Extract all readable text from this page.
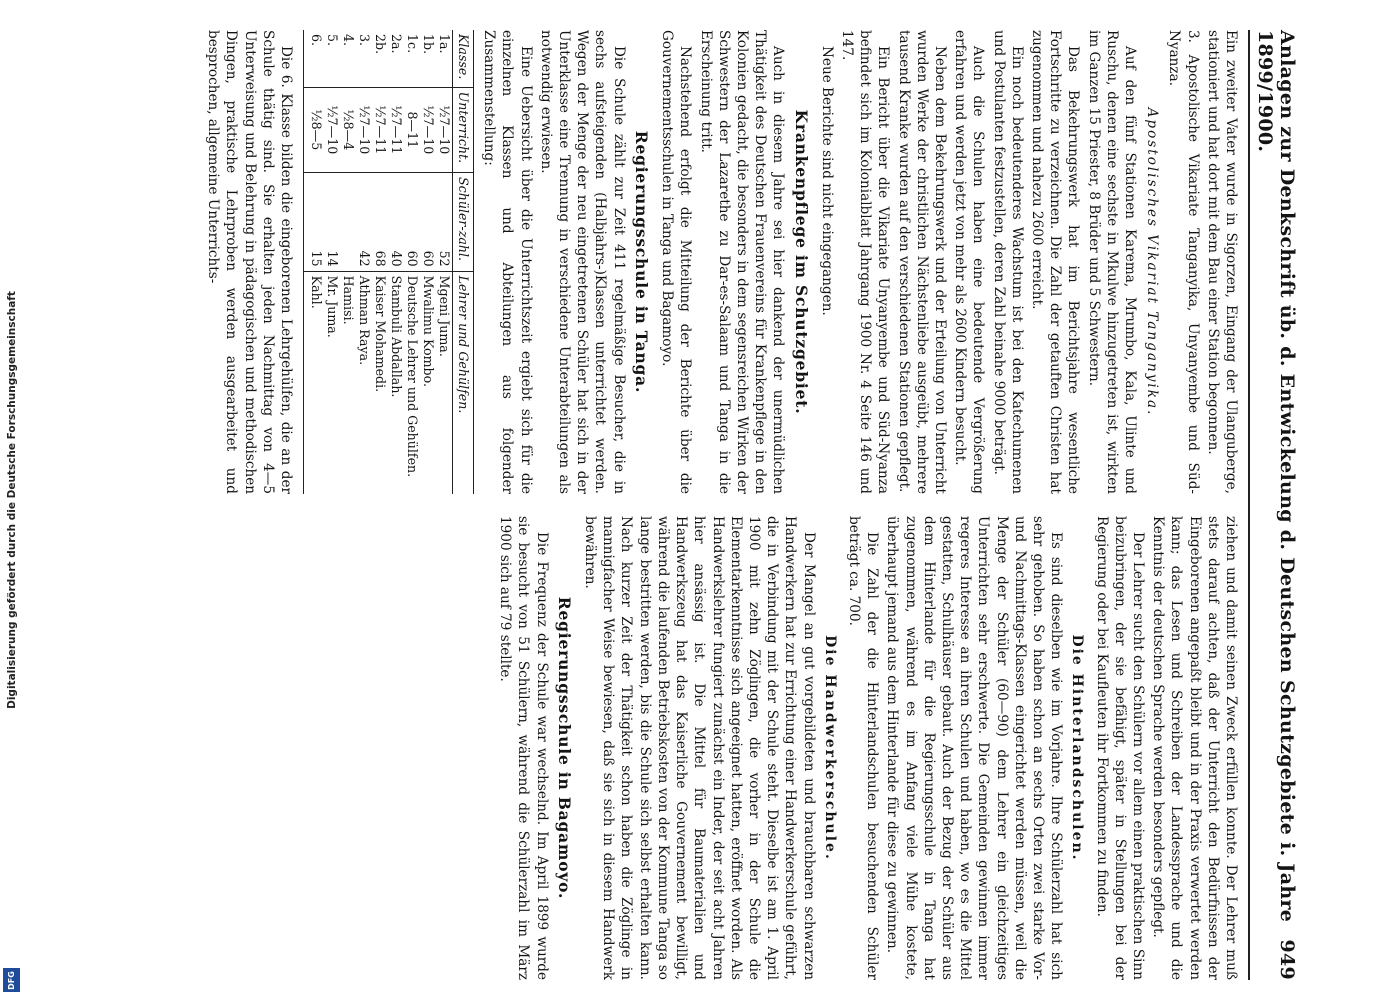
Anlagen zur Denkschrift üb. d. Entwickelung d. Deutschen Schutzgebiete i. Jahre 1899/1900.
949

Ein zweiter Vater wurde in Sigorzen, Eingang der Ulanguberge, stationiert und hat dort mit dem Bau einer Station begonnen.

3. Apostolische Vikariate Tanganyika, Unyanyembe und Süd-Nyanza.

Apostolisches Vikariat Tanganyika.

Auf den fünf Stationen Karema, Mrumbo, Kala, Ulinte und Ruschu, denen eine sechste in Mkulwe hinzugetreten ist, wirkten im Ganzen 15 Priester, 8 Brüder und 5 Schwestern.

Das Bekehrungswerk hat im Berichtsjahre wesentliche Fortschritte zu verzeichnen. Die Zahl der getauften Christen hat zugenommen und nahezu 2600 erreicht.

Ein noch bedeutenderes Wachstum ist bei den Katechumenen und Postulanten festzustellen, deren Zahl beinahe 9000 beträgt.

Auch die Schulen haben eine bedeutende Vergrößerung erfahren und werden jetzt von mehr als 2600 Kindern besucht.

Neben dem Bekehrungswerk und der Erteilung von Unterricht wurden Werke der christlichen Nächstenliebe ausgeübt, mehrere tausend Kranke wurden auf den verschiedenen Stationen gepflegt.

Ein Bericht über die Vikariate Unyanyembe und Süd-Nyanza befindet sich im Kolonialblatt Jahrgang 1900 Nr. 4 Seite 146 und 147.

Neue Berichte sind nicht eingegangen.

Krankenpflege im Schutzgebiet.

Auch in diesem Jahre sei hier dankend der unermüdlichen Thätigkeit des Deutschen Frauenvereins für Krankenpflege in den Kolonien gedacht, die besonders in dem segensreichen Wirken der Schwestern der Lazarethe zu Dar-es-Salaam und Tanga in die Erscheinung tritt.

Nachstehend erfolgt die Mitteilung der Berichte über die Gouvernementsschulen in Tanga und Bagamoyo.

Regierungsschule in Tanga.

Die Schule zählt zur Zeit 411 regelmäßige Besucher, die in sechs aufsteigenden (Halbjahrs-)Klassen unterrichtet werden. Wegen der Menge der neu eingetretenen Schüler hat sich in der Unterklasse eine Trennung in verschiedene Unterabteilungen als notwendig erwiesen.

Eine Uebersicht über die Unterrichtszeit ergiebt sich für die einzelnen Klassen und Abteilungen aus folgender Zusammenstellung:

Klasse.	Unterricht.	Schüler-zahl.	Lehrer und Gehülfen.
1a.	½7—10	52	Mgeni Juma.
1b.	½7—10	60	Mwalimu Kombo.
1c.	8—11	60	Deutsche Lehrer und Gehülfen.
2a.	½7—11	40	Stambuli Abdallah.
2b.	½7—11	68	Kaiser Mohamedi.
3.	½7—10	42	Athman Raya.
4.	½8—4		Hamisi.
5.	½7—10	14	Mr. Juma.
6.	½8—5	15	Kahl.

Die 6. Klasse bilden die eingeborenen Lehrgehülfen, die an der Schule thätig sind. Sie erhalten jeden Nachmittag von 4—5 Unterweisung und Belehrung in pädagogischen und methodischen Dingen, praktische Lehrproben werden ausgearbeitet und besprochen, allgemeine Unterrichts-

ziehen und damit seinen Zweck erfüllen konnte. Der Lehrer muß stets darauf achten, daß der Unterricht den Bedürfnissen der Eingeborenen angepaßt bleibt und in der Praxis verwertet werden kann; das Lesen und Schreiben der Landessprache und die Kenntnis der deutschen Sprache werden besonders gepflegt.

Der Lehrer sucht den Schülern vor allem einen praktischen Sinn beizubringen, der sie befähigt, später in Stellungen bei der Regierung oder bei Kaufleuten ihr Fortkommen zu finden.

Die Hinterlandschulen.

Es sind dieselben wie im Vorjahre. Ihre Schülerzahl hat sich sehr gehoben. So haben schon an sechs Orten zwei starke Vor- und Nachmittags-Klassen eingerichtet werden müssen, weil die Menge der Schüler (60—90) dem Lehrer ein gleichzeitiges Unterrichten sehr erschwerte. Die Gemeinden gewinnen immer regeres Interesse an ihren Schulen und haben, wo es die Mittel gestatten, Schulhäuser gebaut. Auch der Bezug der Schüler aus dem Hinterlande für die Regierungsschule in Tanga hat zugenommen, während es im Anfang viele Mühe kostete, überhaupt jemand aus dem Hinterlande für diese zu gewinnen.

Die Zahl der die Hinterlandschulen besuchenden Schüler beträgt ca. 700.

Die Handwerkerschule.

Der Mangel an gut vorgebildeten und brauchbaren schwarzen Handwerkern hat zur Errichtung einer Handwerkerschule geführt, die in Verbindung mit der Schule steht. Dieselbe ist am 1. April 1900 mit zehn Zöglingen, die vorher in der Schule die Elementarkenntnisse sich angeeignet hatten, eröffnet worden. Als Handwerkslehrer fungiert zunächst ein Inder, der seit acht Jahren hier ansässig ist. Die Mittel für Baumaterialien und Handwerkszeug hat das Kaiserliche Gouvernement bewilligt, während die laufenden Betriebskosten von der Kommune Tanga so lange bestritten werden, bis die Schule sich selbst erhalten kann. Nach kurzer Zeit der Thätigkeit schon haben die Zöglinge in mannigfacher Weise bewiesen, daß sie sich in diesem Handwerk bewähren.

Regierungsschule in Bagamoyo.

Die Frequenz der Schule war wechselnd. Im April 1899 wurde sie besucht von 51 Schülern, während die Schülerzahl im März 1900 sich auf 79 stellte.

Digitalisierung gefördert durch die Deutsche Forschungsgemeinschaft
DFG
